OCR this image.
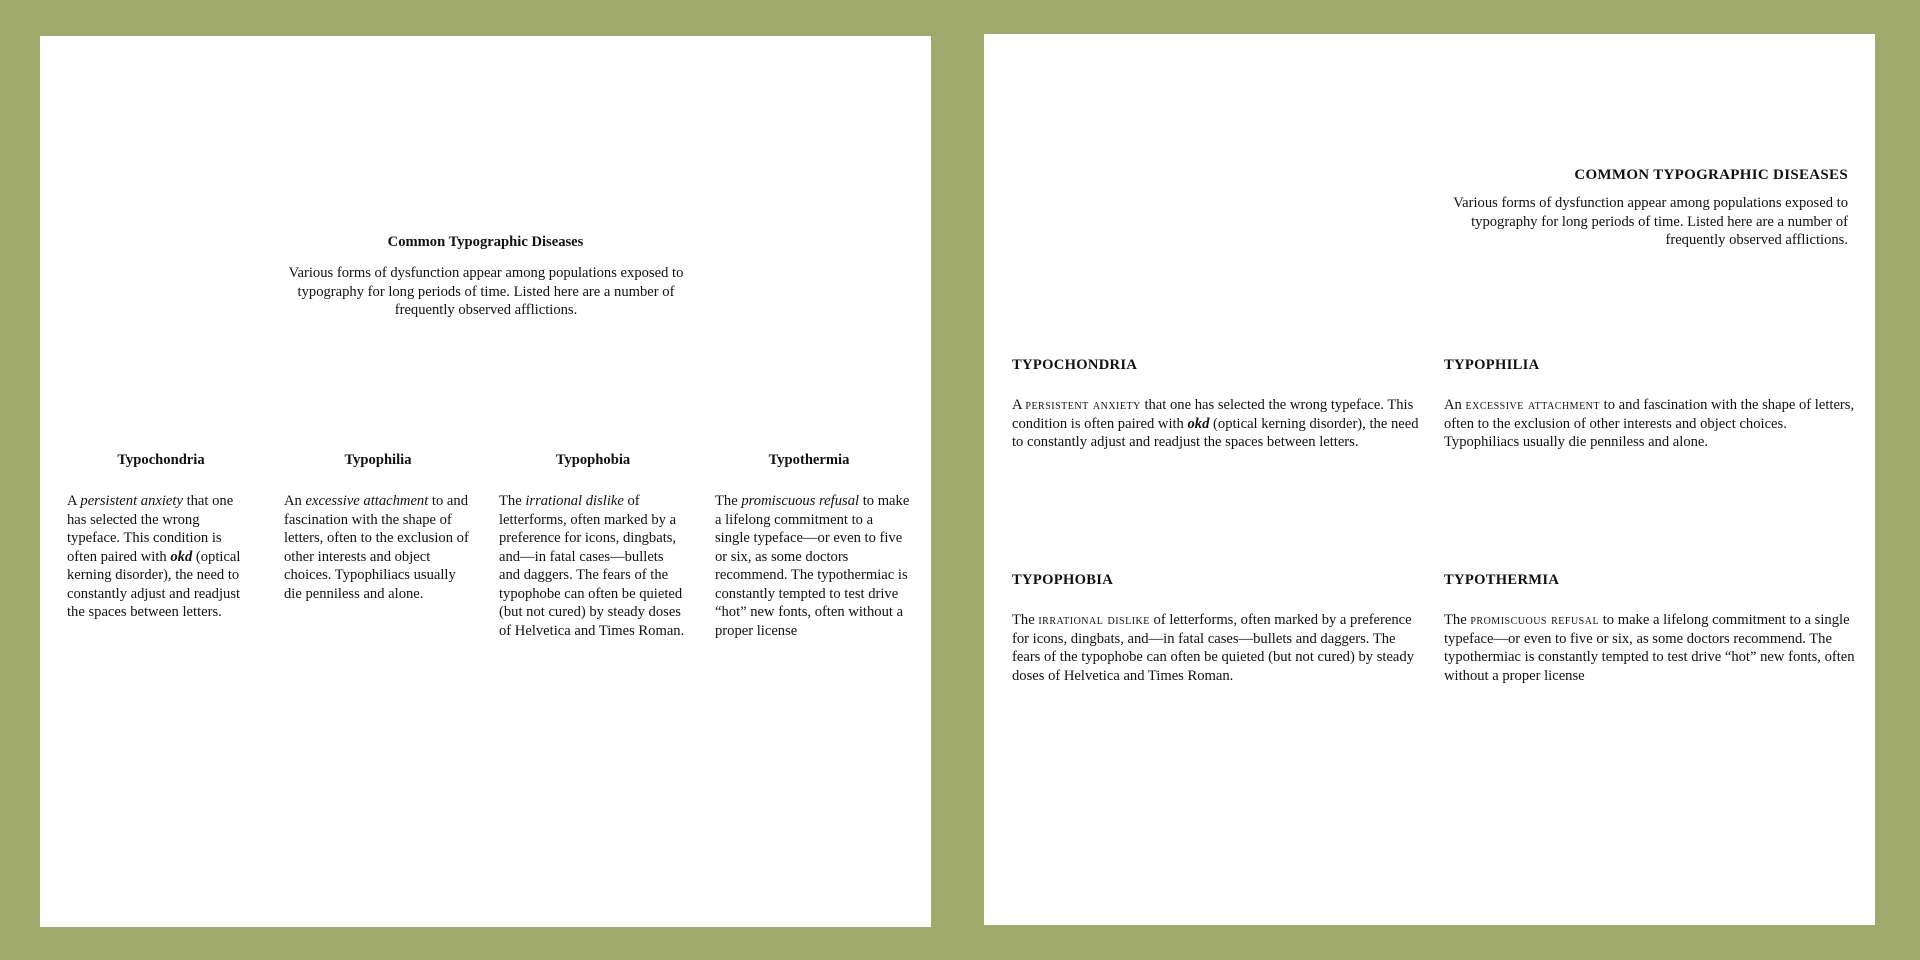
Common Typographic Diseases

Various forms of dysfunction appear among populations exposed to typography for long periods of time. Listed here are a number of frequently observed afflictions.

Typochondria

A persistent anxiety that one has selected the wrong typeface. This condition is often paired with okd (optical kerning disorder), the need to constantly adjust and readjust the spaces between letters.

Typophilia

An excessive attachment to and fascination with the shape of letters, often to the exclusion of other interests and object choices. Typophiliacs usually die penniless and alone.

Typophobia

The irrational dislike of letterforms, often marked by a preference for icons, dingbats, and—in fatal cases—bullets and daggers. The fears of the typophobe can often be quieted (but not cured) by steady doses of Helvetica and Times Roman.

Typothermia

The promiscuous refusal to make a lifelong commitment to a single typeface—or even to five or six, as some doctors recommend. The typothermiac is constantly tempted to test drive “hot” new fonts, often without a proper license

COMMON TYPOGRAPHIC DISEASES

Various forms of dysfunction appear among populations exposed to typography for long periods of time. Listed here are a number of frequently observed afflictions.

TYPOCHONDRIA

A persistent anxiety that one has selected the wrong typeface. This condition is often paired with okd (optical kerning disorder), the need to constantly adjust and readjust the spaces between letters.

TYPOPHILIA

An excessive attachment to and fascination with the shape of letters, often to the exclusion of other interests and object choices. Typophiliacs usually die penniless and alone.

TYPOPHOBIA

The irrational dislike of letterforms, often marked by a preference for icons, dingbats, and—in fatal cases—bullets and daggers. The fears of the typophobe can often be quieted (but not cured) by steady doses of Helvetica and Times Roman.

TYPOTHERMIA

The promiscuous refusal to make a lifelong commitment to a single typeface—or even to five or six, as some doctors recommend. The typothermiac is constantly tempted to test drive “hot” new fonts, often without a proper license
